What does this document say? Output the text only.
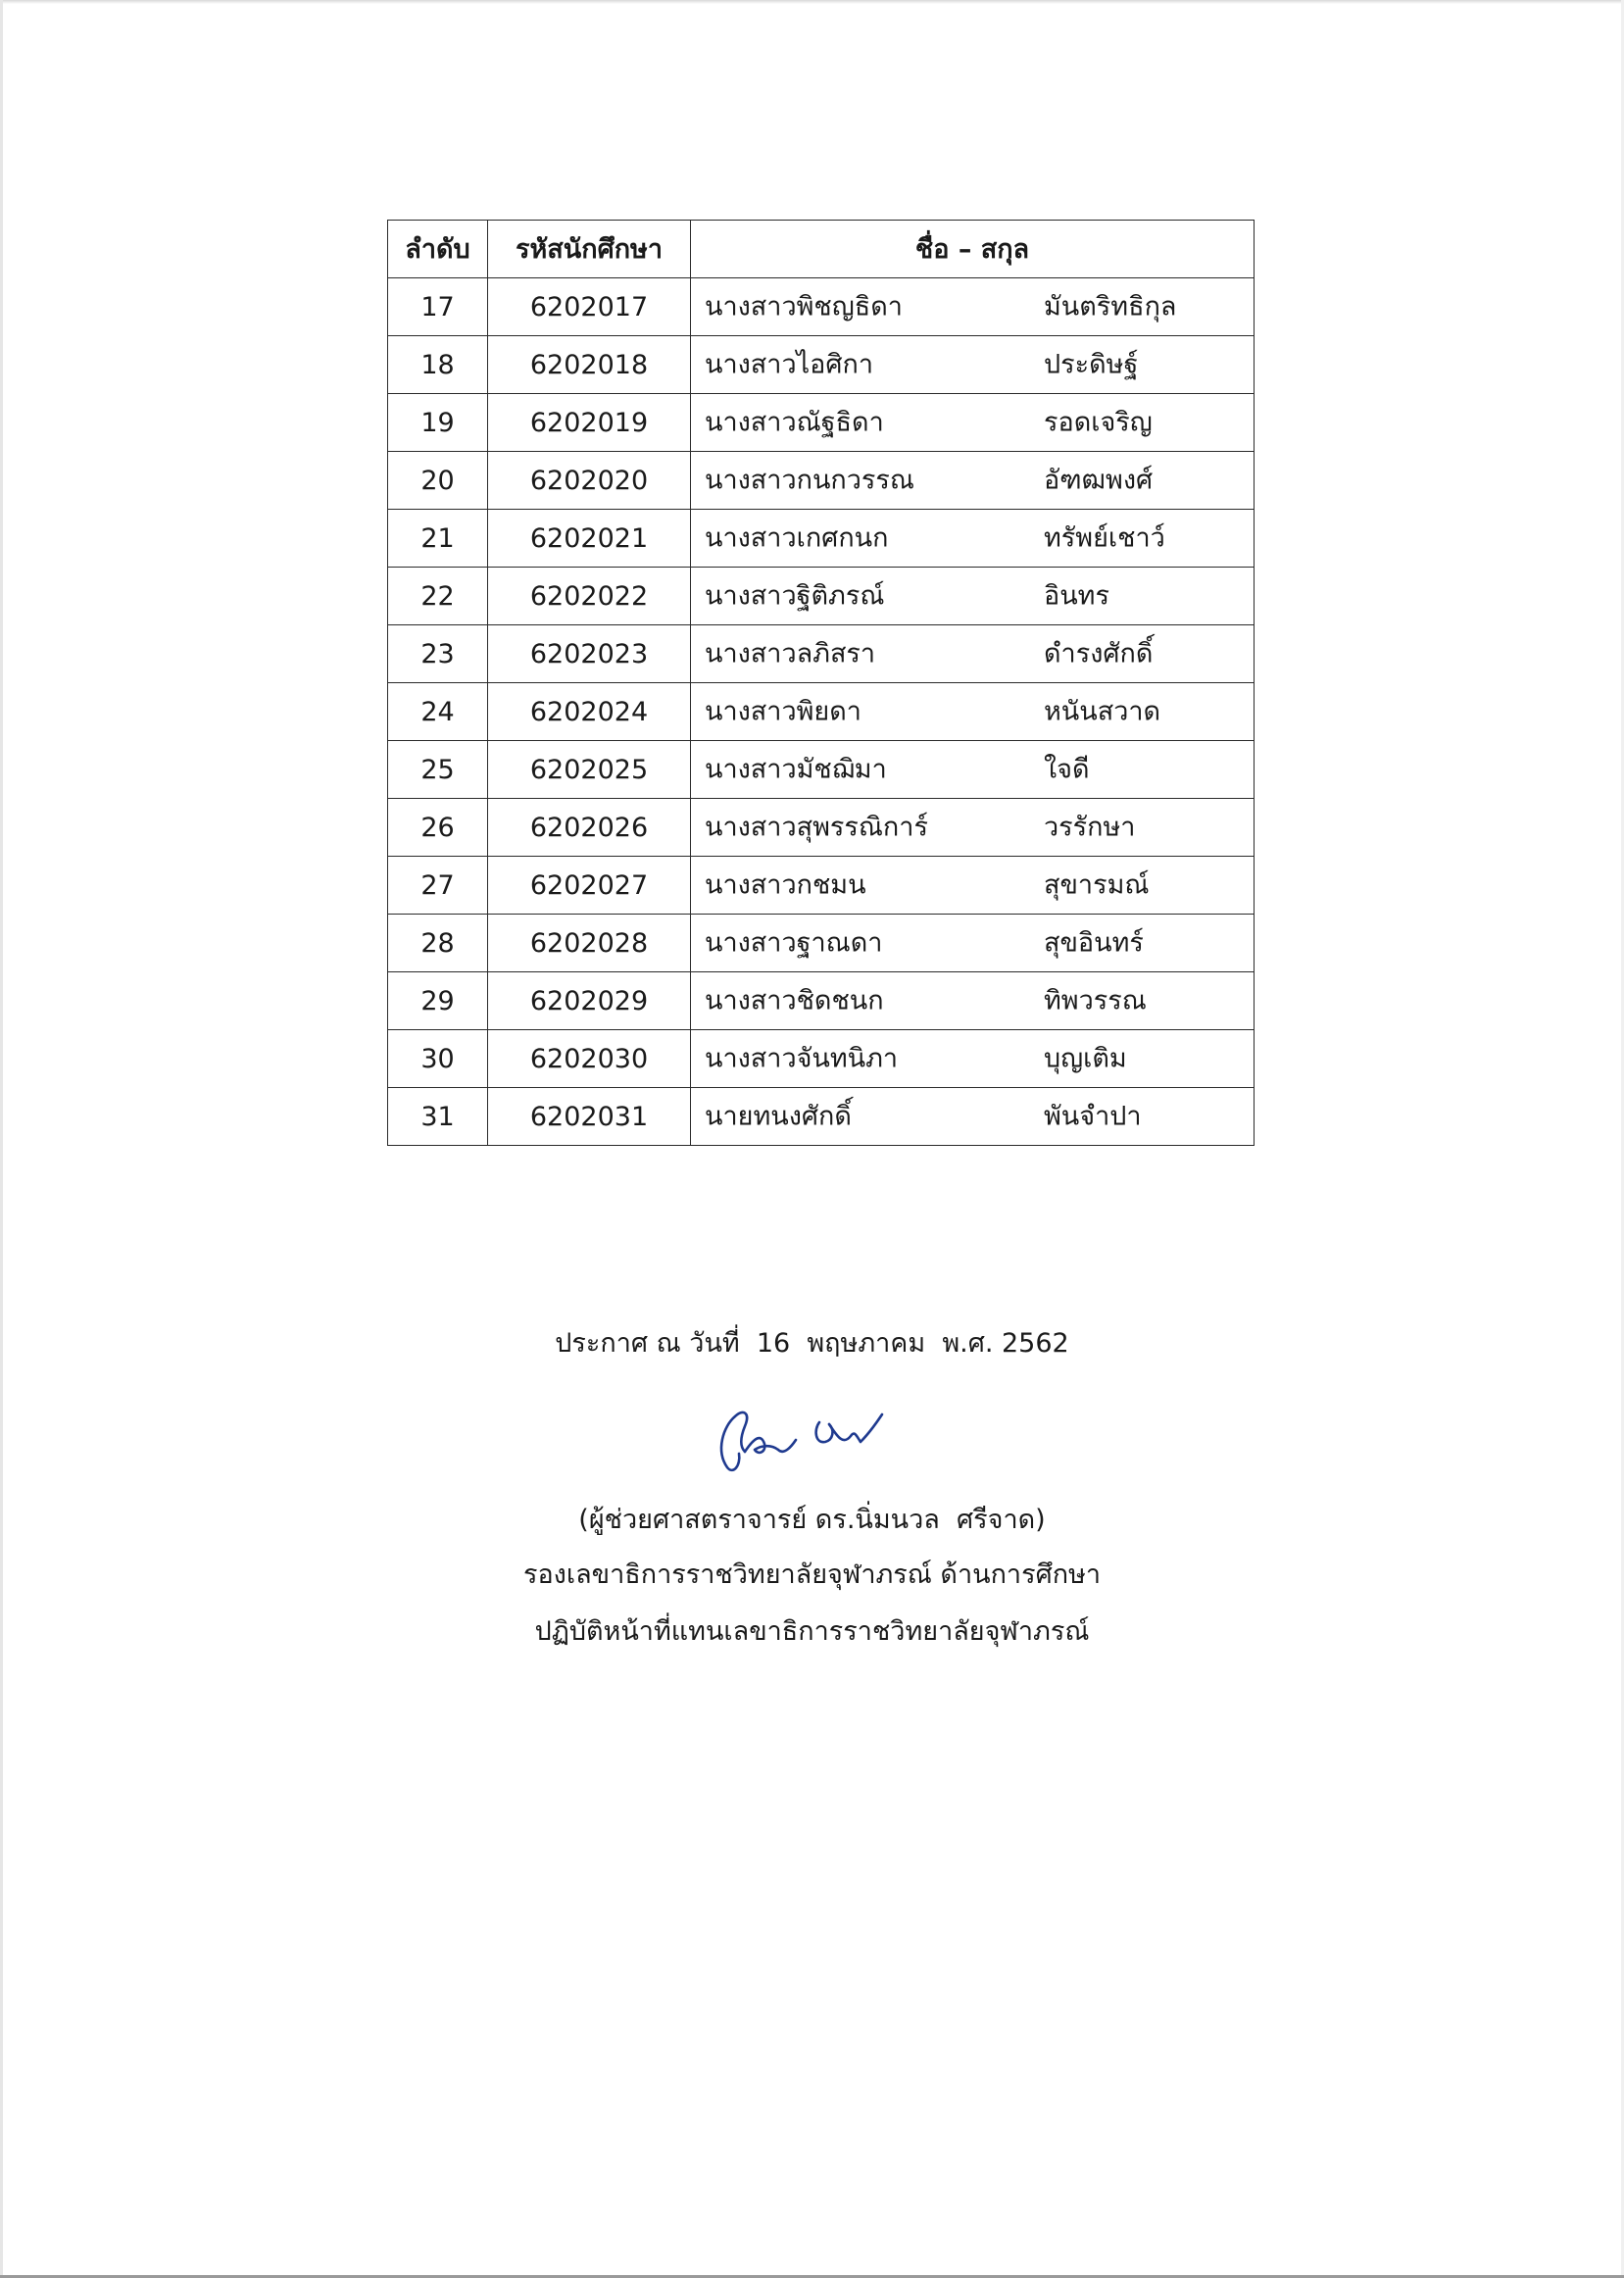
ลำดับ	รหัสนักศึกษา	ชื่อ – สกุล
17	6202017	นางสาวพิชญธิดา มันตริทธิกุล

18	6202018	นางสาวไอศิกา ประดิษฐ์

19	6202019	นางสาวณัฐธิดา รอดเจริญ

20	6202020	นางสาวกนกวรรณ อัฑฒพงศ์

21	6202021	นางสาวเกศกนก ทรัพย์เชาว์

22	6202022	นางสาวฐิติภรณ์ อินทร

23	6202023	นางสาวลภิสรา ดำรงศักดิ์

24	6202024	นางสาวพิยดา หนันสวาด

25	6202025	นางสาวมัชฌิมา ใจดี

26	6202026	นางสาวสุพรรณิการ์ วรรักษา

27	6202027	นางสาวกชมน สุขารมณ์

28	6202028	นางสาวฐาณดา สุขอินทร์

29	6202029	นางสาวชิดชนก ทิพวรรณ

30	6202030	นางสาวจันทนิภา บุญเติม

31	6202031	นายทนงศักดิ์ พันจำปา
ประกาศ ณ วันที่  16  พฤษภาคม  พ.ศ. 2562
(ผู้ช่วยศาสตราจารย์ ดร.นิ่มนวล  ศรีจาด)
รองเลขาธิการราชวิทยาลัยจุฬาภรณ์ ด้านการศึกษา
ปฏิบัติหน้าที่แทนเลขาธิการราชวิทยาลัยจุฬาภรณ์
